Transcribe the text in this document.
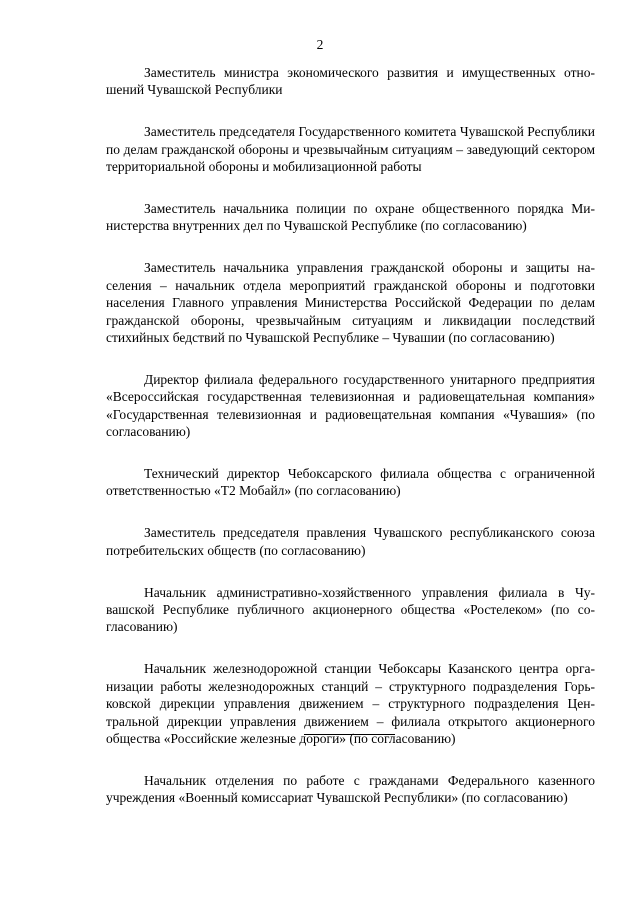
2

Заместитель министра экономического развития и имущественных отношений Чувашской Республики

Заместитель председателя Государственного комитета Чувашской Республики по делам гражданской обороны и чрезвычайным ситуациям – заведующий сектором территориальной обороны и мобилизационной работы

Заместитель начальника полиции по охране общественного порядка Министерства внутренних дел по Чувашской Республике (по согласованию)

Заместитель начальника управления гражданской обороны и защиты населения – начальник отдела мероприятий гражданской обороны и подготовки населения Главного управления Министерства Российской Федерации по делам гражданской обороны, чрезвычайным ситуациям и ликвидации последствий стихийных бедствий по Чувашской Республике – Чувашии (по согласованию)

Директор филиала федерального государственного унитарного предприятия «Всероссийская государственная телевизионная и радиовещательная компания» «Государственная телевизионная и радиовещательная компания «Чувашия» (по согласованию)

Технический директор Чебоксарского филиала общества с ограниченной ответственностью «Т2 Мобайл» (по согласованию)

Заместитель председателя правления Чувашского республиканского союза потребительских обществ (по согласованию)

Начальник административно-хозяйственного управления филиала в Чувашской Республике публичного акционерного общества «Ростелеком» (по согласованию)

Начальник железнодорожной станции Чебоксары Казанского центра организации работы железнодорожных станций – структурного подразделения Горьковской дирекции управления движением – структурного подразделения Центральной дирекции управления движением – филиала открытого акционерного общества «Российские железные дороги» (по согласованию)

Начальник отделения по работе с гражданами Федерального казенного учреждения «Военный комиссариат Чувашской Республики» (по согласованию)
